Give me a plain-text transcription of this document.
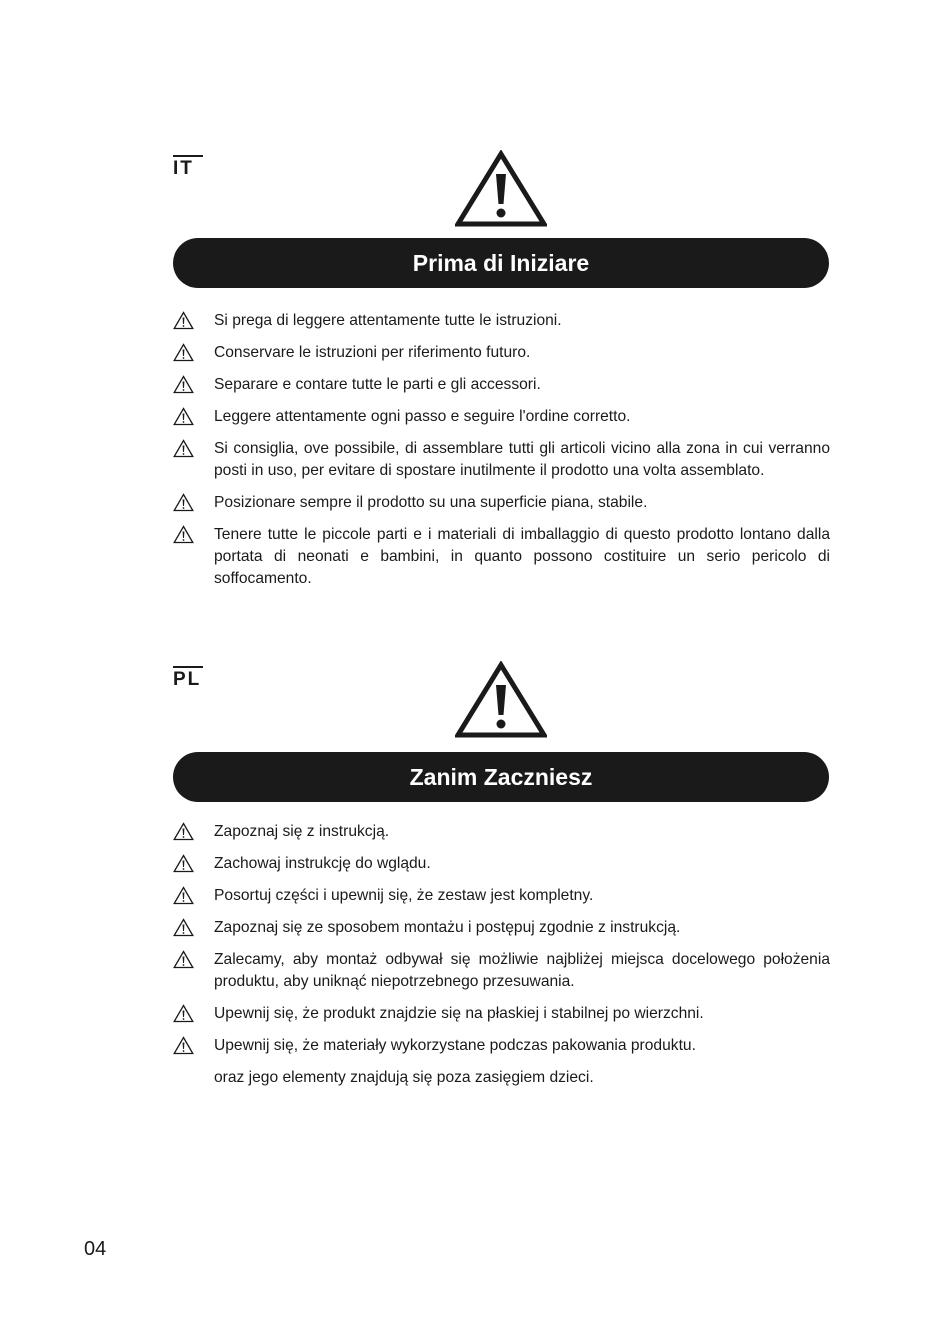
IT
Prima di Iniziare
Si prega di leggere attentamente tutte le istruzioni.
Conservare le istruzioni per riferimento futuro.
Separare e contare tutte le parti e gli accessori.
Leggere attentamente ogni passo e seguire l'ordine corretto.
Si consiglia, ove possibile, di assemblare tutti gli articoli vicino alla zona in cui verranno posti in uso, per evitare di spostare inutilmente il prodotto una volta assemblato.
Posizionare sempre il prodotto su una superficie piana, stabile.
Tenere tutte le piccole parti e i materiali di imballaggio di questo prodotto lontano dalla portata di neonati e bambini, in quanto possono costituire un serio pericolo di soffocamento.
PL
Zanim Zaczniesz
Zapoznaj się z instrukcją.
Zachowaj instrukcję do wglądu.
Posortuj części i upewnij się, że zestaw jest kompletny.
Zapoznaj się ze sposobem montażu i postępuj zgodnie z instrukcją.
Zalecamy, aby montaż odbywał się możliwie najbliżej miejsca docelowego położenia produktu, aby uniknąć niepotrzebnego przesuwania.
Upewnij się, że produkt znajdzie się na płaskiej i stabilnej po wierzchni.
Upewnij się, że materiały wykorzystane podczas pakowania produktu.
oraz jego elementy znajdują się poza zasięgiem dzieci.
04
